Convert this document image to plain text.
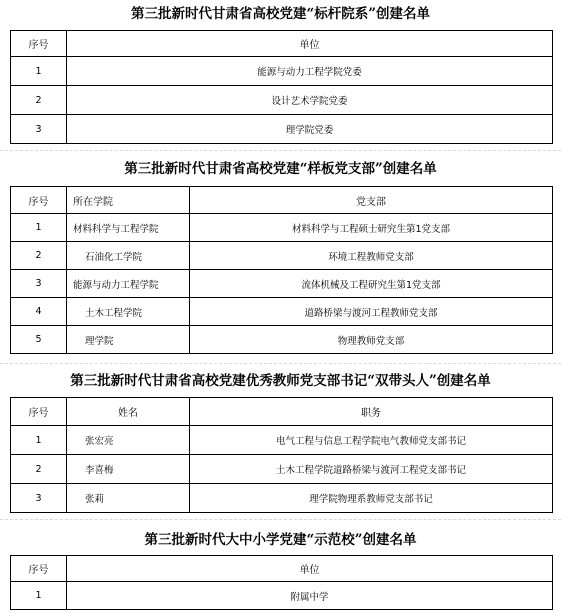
第三批新时代甘肃省高校党建“标杆院系”创建名单
序号	单位
1	能源与动力工程学院党委
2	设计艺术学院党委
3	理学院党委
第三批新时代甘肃省高校党建“样板党支部”创建名单
序号	所在学院	党支部
1	材料科学与工程学院	材料科学与工程硕士研究生第1党支部
2	石油化工学院	环境工程教师党支部
3	能源与动力工程学院	流体机械及工程研究生第1党支部
4	土木工程学院	道路桥梁与渡河工程教师党支部
5	理学院	物理教师党支部
第三批新时代甘肃省高校党建优秀教师党支部书记“双带头人”创建名单
序号	姓名	职务
1	张宏亮	电气工程与信息工程学院电气教师党支部书记
2	李喜梅	土木工程学院道路桥梁与渡河工程党支部书记
3	张莉	理学院物理系教师党支部书记
第三批新时代大中小学党建“示范校”创建名单
序号	单位
1	附属中学
